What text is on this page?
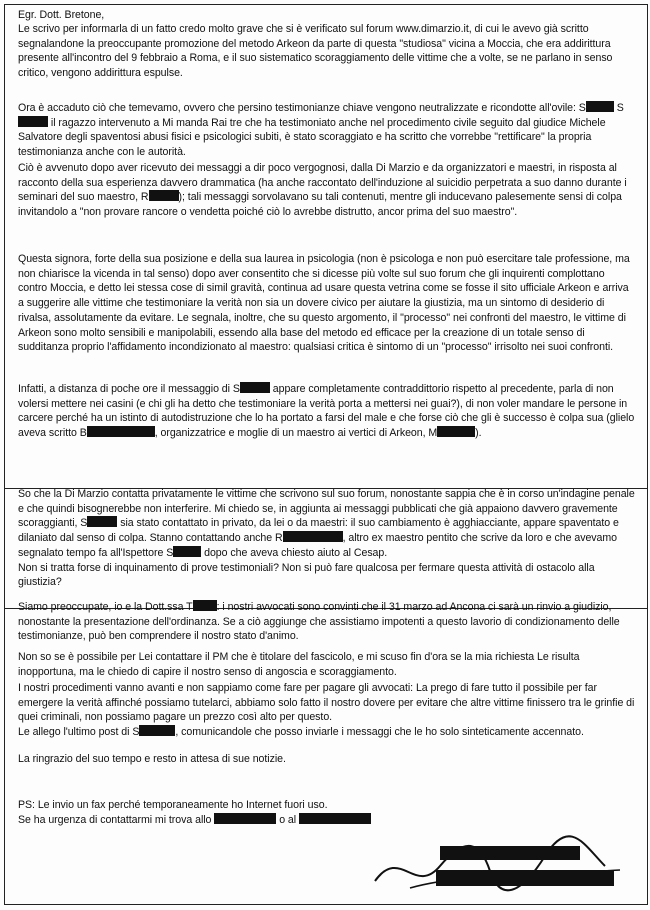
Egr. Dott. Bretone,
Le scrivo per informarla di un fatto credo molto grave che si è verificato sul forum www.dimarzio.it, di cui le avevo già scritto segnalandone la preoccupante promozione del metodo Arkeon da parte di questa "studiosa" vicina a Moccia, che era addirittura presente all'incontro del 9 febbraio a Roma, e il suo sistematico scoraggiamento delle vittime che a volte, se ne parlano in senso critico, vengono addirittura espulse.
Ora è accaduto ciò che temevamo, ovvero che persino testimonianze chiave vengono neutralizzate e ricondotte all'ovile: S	S il ragazzo intervenuto a Mi manda Rai tre che ha testimoniato anche nel procedimento civile seguito dal giudice Michele Salvatore degli spaventosi abusi fisici e psicologici subiti, è stato scoraggiato e ha scritto che vorrebbe "rettificare" la propria testimonianza anche con le autorità.
Ciò è avvenuto dopo aver ricevuto dei messaggi a dir poco vergognosi, dalla Di Marzio e da organizzatori e maestri, in risposta al racconto della sua esperienza davvero drammatica (ha anche raccontato dell'induzione al suicidio perpetrata a suo danno durante i seminari del suo maestro, R	); tali messaggi sorvolavano su tali contenuti, mentre gli inducevano palesemente sensi di colpa invitandolo a "non provare rancore o vendetta poiché ciò lo avrebbe distrutto, ancor prima del suo maestro".
Questa signora, forte della sua posizione e della sua laurea in psicologia (non è psicologa e non può esercitare tale professione, ma non chiarisce la vicenda in tal senso) dopo aver consentito che si dicesse più volte sul suo forum che gli inquirenti complottano contro Moccia, e detto lei stessa cose di simil gravità, continua ad usare questa vetrina come se fosse il sito ufficiale Arkeon e arriva a suggerire alle vittime che testimoniare la verità non sia un dovere civico per aiutare la giustizia, ma un sintomo di desiderio di rivalsa, assolutamente da evitare. Le segnala, inoltre, che su questo argomento, il "processo" nei confronti del maestro, le vittime di Arkeon sono molto sensibili e manipolabili, essendo alla base del metodo ed efficace per la creazione di un totale senso di sudditanza proprio l'affidamento incondizionato al maestro: qualsiasi critica è sintomo di un "processo" irrisolto nei suoi confronti.
Infatti, a distanza di poche ore il messaggio di S	appare completamente contraddittorio rispetto al precedente, parla di non volersi mettere nei casini (e chi gli ha detto che testimoniare la verità porta a mettersi nei guai?), di non voler mandare le persone in carcere perché ha un istinto di autodistruzione che lo ha portato a farsi del male e che forse ciò che gli è successo è colpa sua (glielo aveva scritto B	, organizzatrice e moglie di un maestro ai vertici di Arkeon, M	).
So che la Di Marzio contatta privatamente le vittime che scrivono sul suo forum, nonostante sappia che è in corso un'indagine penale e che quindi bisognerebbe non interferire. Mi chiedo se, in aggiunta ai messaggi pubblicati che già appaiono davvero gravemente scoraggianti, S	sia stato contattato in privato, da lei o da maestri: il suo cambiamento è agghiacciante, appare spaventato e dilaniato dal senso di colpa. Stanno contattando anche R	, altro ex maestro pentito che scrive da loro e che avevamo segnalato tempo fa all'Ispettore S	dopo che aveva chiesto aiuto al Cesap.
Non si tratta forse di inquinamento di prove testimoniali? Non si può fare qualcosa per fermare questa attività di ostacolo alla giustizia?
Siamo preoccupate, io e la Dott.ssa T : i nostri avvocati sono convinti che il 31 marzo ad Ancona ci sarà un rinvio a giudizio, nonostante la presentazione dell'ordinanza. Se a ciò aggiunge che assistiamo impotenti a questo lavorio di condizionamento delle testimonianze, può ben comprendere il nostro stato d'animo.
Non so se è possibile per Lei contattare il PM che è titolare del fascicolo, e mi scuso fin d'ora se la mia richiesta Le risulta inopportuna, ma le chiedo di capire il nostro senso di angoscia e scoraggiamento.
I nostri procedimenti vanno avanti e non sappiamo come fare per pagare gli avvocati: La prego di fare tutto il possibile per far emergere la verità affinché possiamo tutelarci, abbiamo solo fatto il nostro dovere per evitare che altre vittime finissero tra le grinfie di quei criminali, non possiamo pagare un prezzo così alto per questo.
Le allego l'ultimo post di S	, comunicandole che posso inviarle i messaggi che le ho solo sinteticamente accennato.
La ringrazio del suo tempo e resto in attesa di sue notizie.
PS: Le invio un fax perché temporaneamente ho Internet fuori uso.
Se ha urgenza di contattarmi mi trova allo	o al
